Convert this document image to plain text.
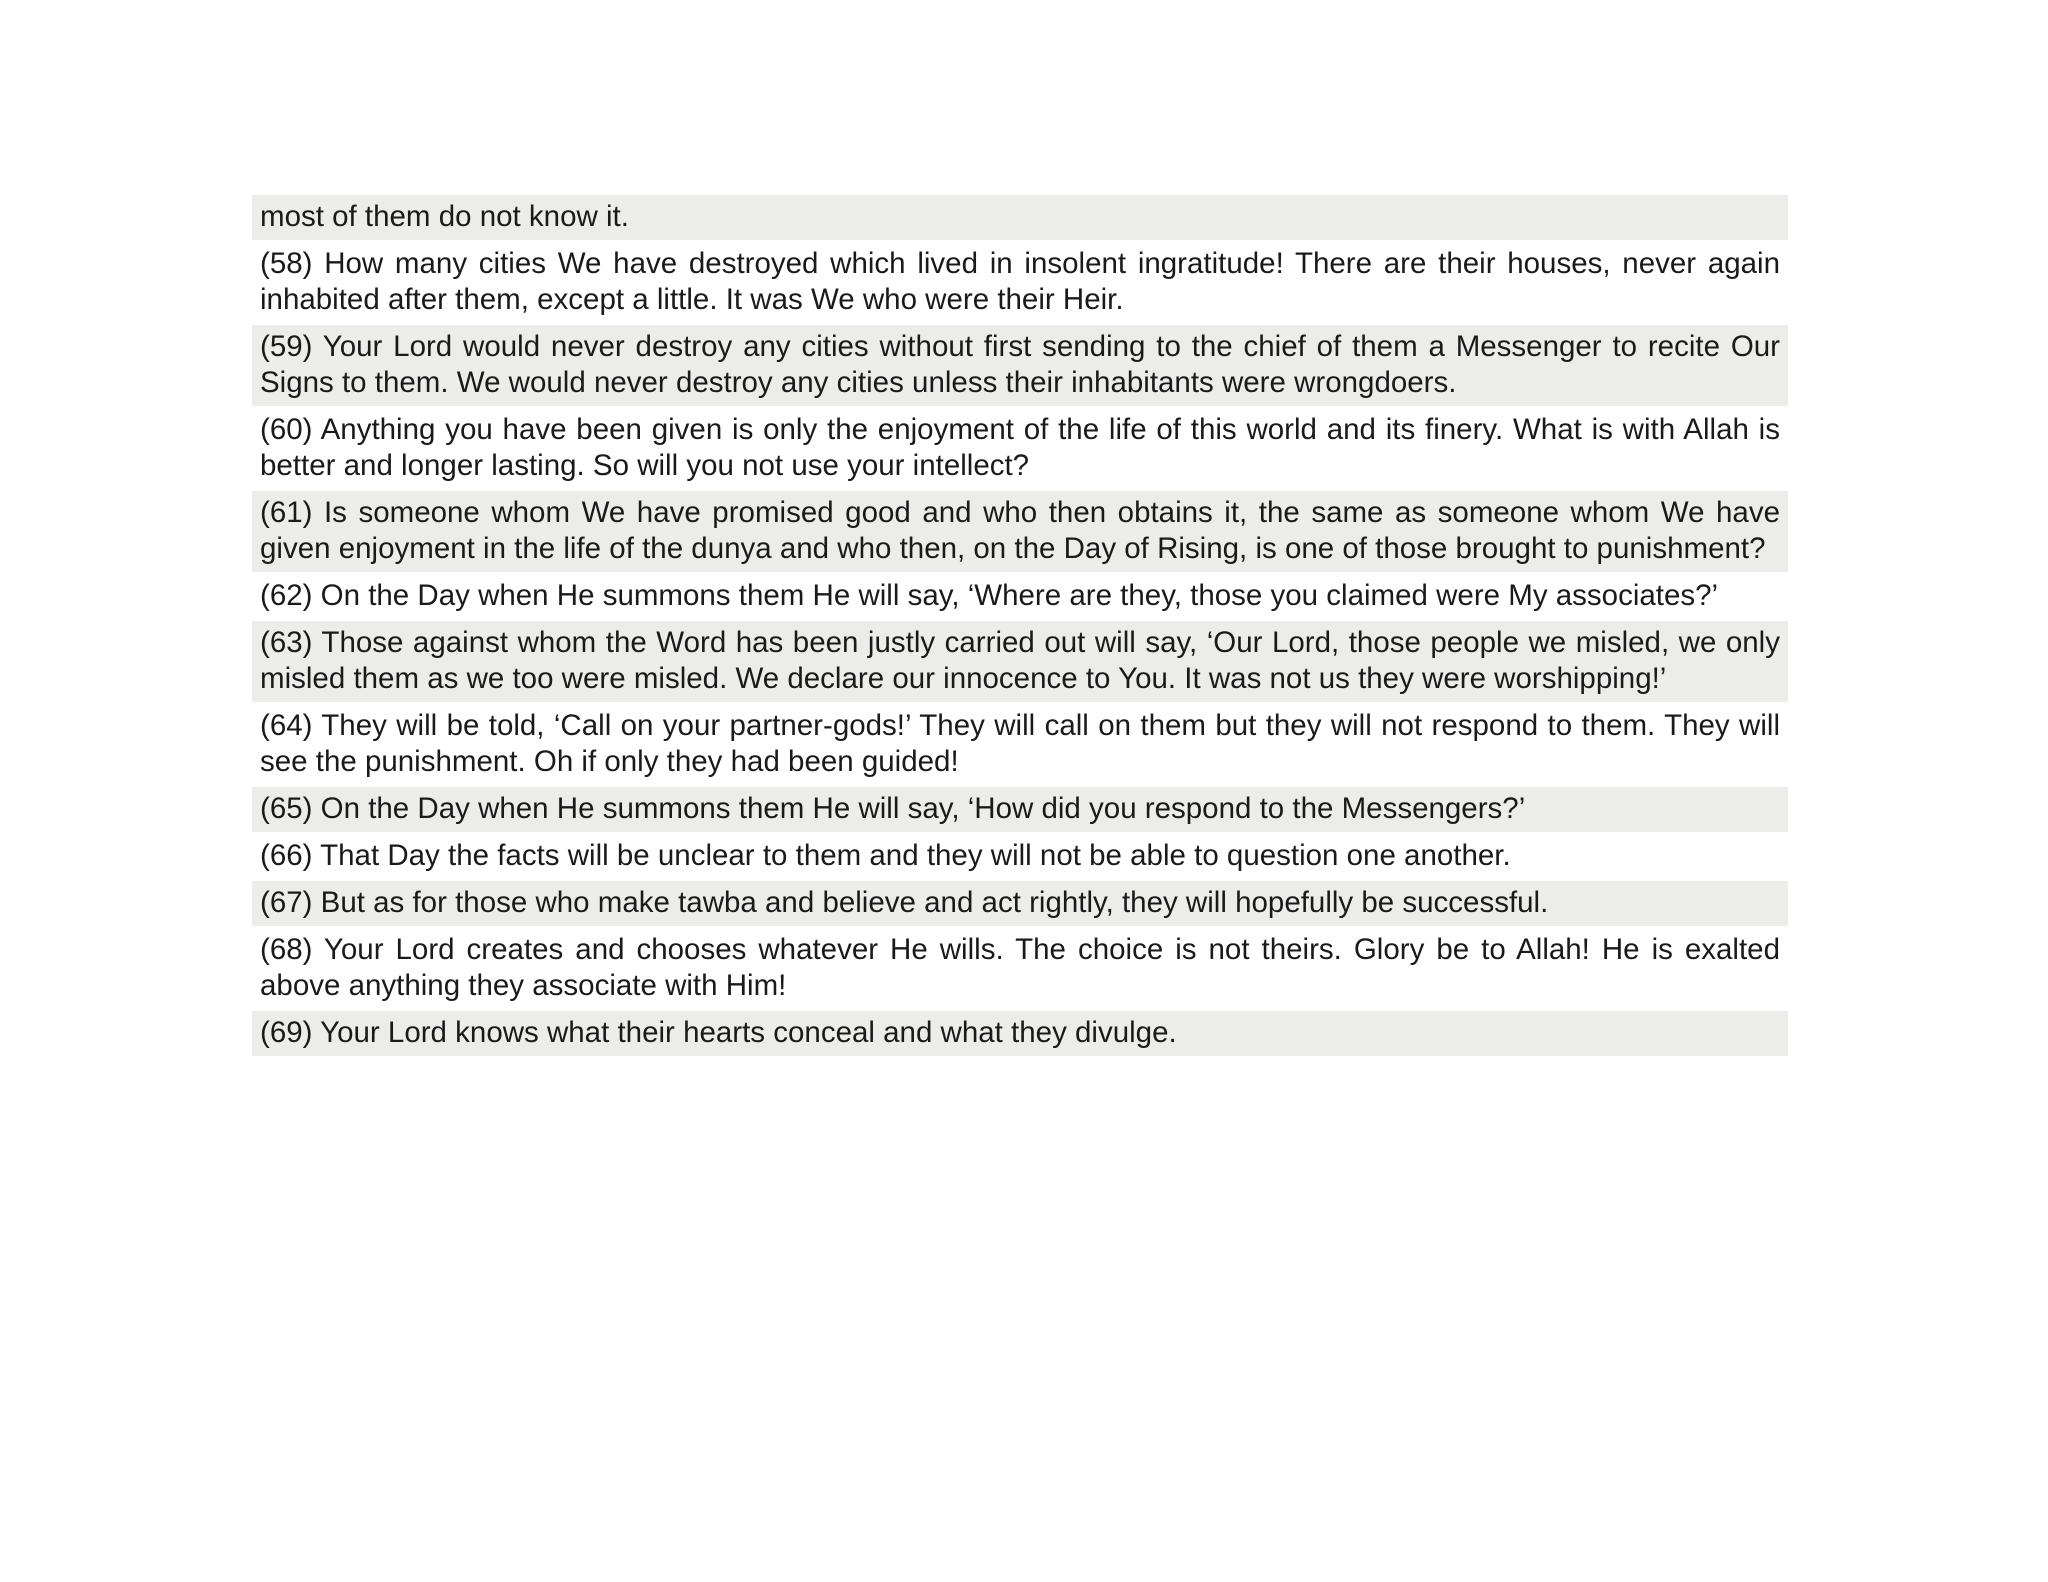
most of them do not know it.
(58) How many cities We have destroyed which lived in insolent ingratitude! There are their houses, never again inhabited after them, except a little. It was We who were their Heir.
(59) Your Lord would never destroy any cities without first sending to the chief of them a Messenger to recite Our Signs to them. We would never destroy any cities unless their inhabitants were wrongdoers.
(60) Anything you have been given is only the enjoyment of the life of this world and its finery. What is with Allah is better and longer lasting. So will you not use your intellect?
(61) Is someone whom We have promised good and who then obtains it, the same as someone whom We have given enjoyment in the life of the dunya and who then, on the Day of Rising, is one of those brought to punishment?
(62) On the Day when He summons them He will say, ‘Where are they, those you claimed were My associates?’
(63) Those against whom the Word has been justly carried out will say, ‘Our Lord, those people we misled, we only misled them as we too were misled. We declare our innocence to You. It was not us they were worshipping!’
(64) They will be told, ‘Call on your partner-gods!’ They will call on them but they will not respond to them. They will see the punishment. Oh if only they had been guided!
(65) On the Day when He summons them He will say, ‘How did you respond to the Messengers?’
(66) That Day the facts will be unclear to them and they will not be able to question one another.
(67) But as for those who make tawba and believe and act rightly, they will hopefully be successful.
(68) Your Lord creates and chooses whatever He wills. The choice is not theirs. Glory be to Allah! He is exalted above anything they associate with Him!
(69) Your Lord knows what their hearts conceal and what they divulge.
